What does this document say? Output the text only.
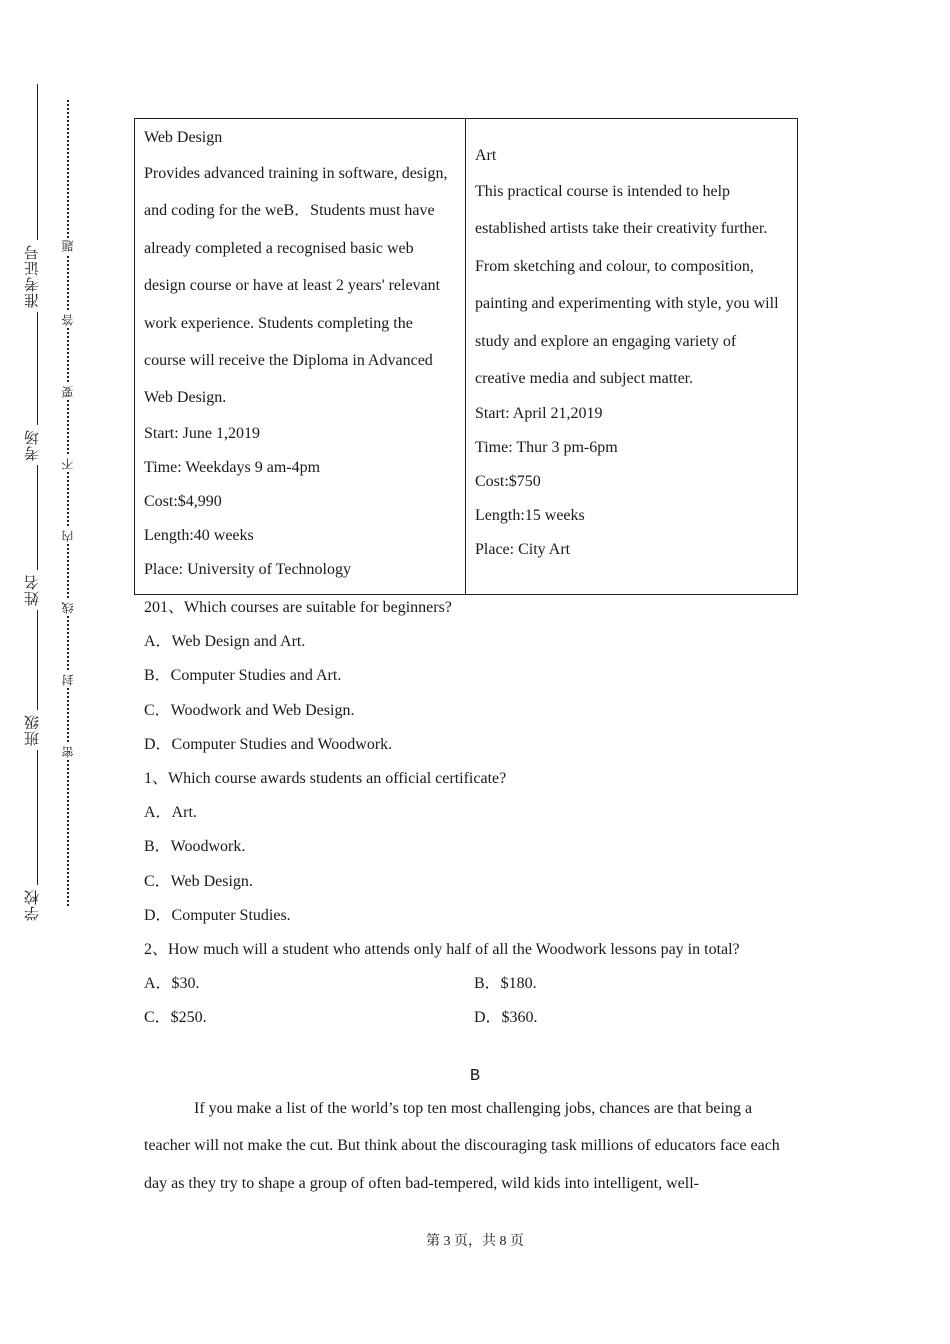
准考证号
考场
姓名
班级
学校
题
答
要
不
内
线
封
密
Web Design
Provides advanced training in software, design, and coding for the weB．Students must have already completed a recognised basic web design course or have at least 2 years' relevant work experience. Students completing the course will receive the Diploma in Advanced Web Design.
Start: June 1,2019
Time: Weekdays 9 am-4pm
Cost:$4,990
Length:40 weeks
Place: University of Technology
Art
This practical course is intended to help established artists take their creativity further. From sketching and colour, to composition, painting and experimenting with style, you will study and explore an engaging variety of creative media and subject matter.
Start: April 21,2019
Time: Thur 3 pm-6pm
Cost:$750
Length:15 weeks
Place: City Art
201、Which courses are suitable for beginners?
A．Web Design and Art.
B．Computer Studies and Art.
C．Woodwork and Web Design.
D．Computer Studies and Woodwork.
1、Which course awards students an official certificate?
A．Art.
B．Woodwork.
C．Web Design.
D．Computer Studies.
2、How much will a student who attends only half of all the Woodwork lessons pay in total?
A．$30.	B．$180.
C．$250.	D．$360.
B
If you make a list of the world’s top ten most challenging jobs, chances are that being a teacher will not make the cut. But think about the discouraging task millions of educators face each day as they try to shape a group of often bad-tempered, wild kids into intelligent, well-
第 3 页，共 8 页
